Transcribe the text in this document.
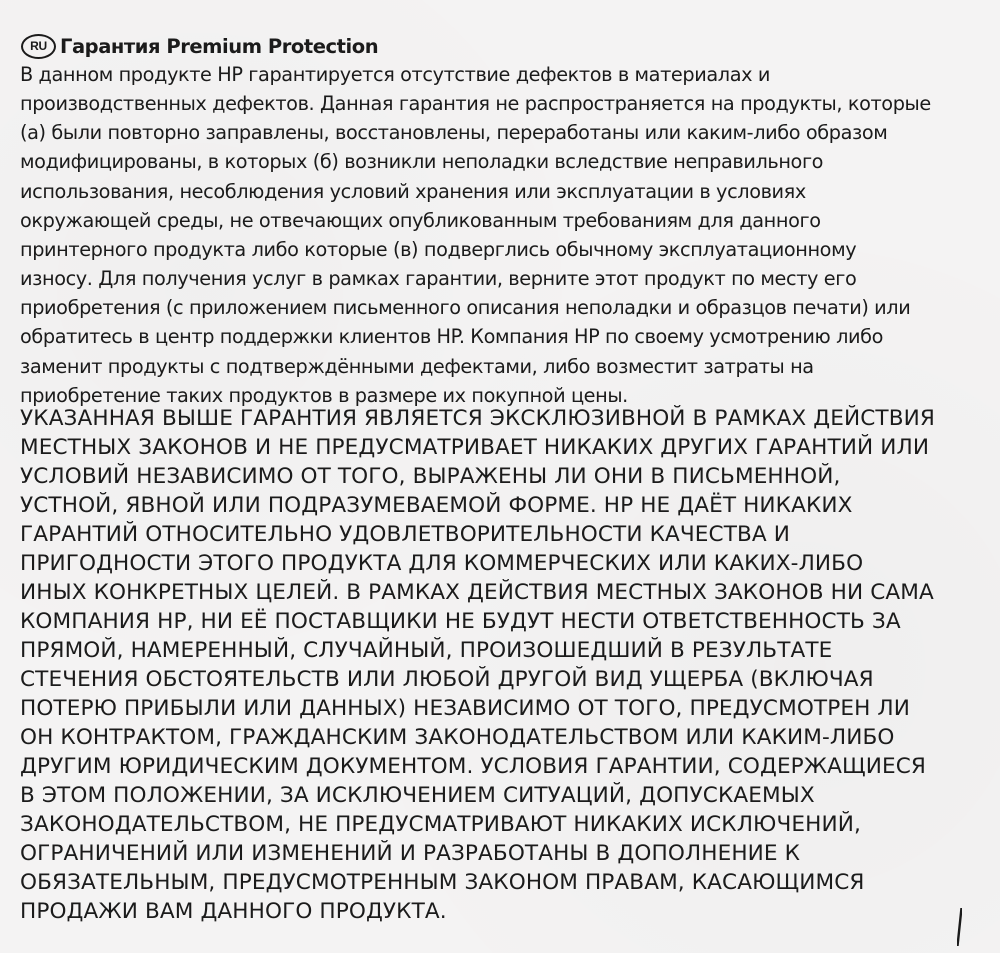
RU Гарантия Premium Protection
В данном продукте HP гарантируется отсутствие дефектов в материалах и
производственных дефектов. Данная гарантия не распространяется на продукты, которые
(а) были повторно заправлены, восстановлены, переработаны или каким-либо образом
модифицированы, в которых (б) возникли неполадки вследствие неправильного
использования, несоблюдения условий хранения или эксплуатации в условиях
окружающей среды, не отвечающих опубликованным требованиям для данного
принтерного продукта либо которые (в) подверглись обычному эксплуатационному
износу. Для получения услуг в рамках гарантии, верните этот продукт по месту его
приобретения (с приложением письменного описания неполадки и образцов печати) или
обратитесь в центр поддержки клиентов HP. Компания HP по своему усмотрению либо
заменит продукты с подтверждёнными дефектами, либо возместит затраты на
приобретение таких продуктов в размере их покупной цены.
УКАЗАННАЯ ВЫШЕ ГАРАНТИЯ ЯВЛЯЕТСЯ ЭКСКЛЮЗИВНОЙ В РАМКАХ ДЕЙСТВИЯ
МЕСТНЫХ ЗАКОНОВ И НЕ ПРЕДУСМАТРИВАЕТ НИКАКИХ ДРУГИХ ГАРАНТИЙ ИЛИ
УСЛОВИЙ НЕЗАВИСИМО ОТ ТОГО, ВЫРАЖЕНЫ ЛИ ОНИ В ПИСЬМЕННОЙ,
УСТНОЙ, ЯВНОЙ ИЛИ ПОДРАЗУМЕВАЕМОЙ ФОРМЕ. HP НЕ ДАЁТ НИКАКИХ
ГАРАНТИЙ ОТНОСИТЕЛЬНО УДОВЛЕТВОРИТЕЛЬНОСТИ КАЧЕСТВА И
ПРИГОДНОСТИ ЭТОГО ПРОДУКТА ДЛЯ КОММЕРЧЕСКИХ ИЛИ КАКИХ-ЛИБО
ИНЫХ КОНКРЕТНЫХ ЦЕЛЕЙ. В РАМКАХ ДЕЙСТВИЯ МЕСТНЫХ ЗАКОНОВ НИ САМА
КОМПАНИЯ HP, НИ ЕЁ ПОСТАВЩИКИ НЕ БУДУТ НЕСТИ ОТВЕТСТВЕННОСТЬ ЗА
ПРЯМОЙ, НАМЕРЕННЫЙ, СЛУЧАЙНЫЙ, ПРОИЗОШЕДШИЙ В РЕЗУЛЬТАТЕ
СТЕЧЕНИЯ ОБСТОЯТЕЛЬСТВ ИЛИ ЛЮБОЙ ДРУГОЙ ВИД УЩЕРБА (ВКЛЮЧАЯ
ПОТЕРЮ ПРИБЫЛИ ИЛИ ДАННЫХ) НЕЗАВИСИМО ОТ ТОГО, ПРЕДУСМОТРЕН ЛИ
ОН КОНТРАКТОМ, ГРАЖДАНСКИМ ЗАКОНОДАТЕЛЬСТВОМ ИЛИ КАКИМ-ЛИБО
ДРУГИМ ЮРИДИЧЕСКИМ ДОКУМЕНТОМ. УСЛОВИЯ ГАРАНТИИ, СОДЕРЖАЩИЕСЯ
В ЭТОМ ПОЛОЖЕНИИ, ЗА ИСКЛЮЧЕНИЕМ СИТУАЦИЙ, ДОПУСКАЕМЫХ
ЗАКОНОДАТЕЛЬСТВОМ, НЕ ПРЕДУСМАТРИВАЮТ НИКАКИХ ИСКЛЮЧЕНИЙ,
ОГРАНИЧЕНИЙ ИЛИ ИЗМЕНЕНИЙ И РАЗРАБОТАНЫ В ДОПОЛНЕНИЕ К
ОБЯЗАТЕЛЬНЫМ, ПРЕДУСМОТРЕННЫМ ЗАКОНОМ ПРАВАМ, КАСАЮЩИМСЯ
ПРОДАЖИ ВАМ ДАННОГО ПРОДУКТА.
